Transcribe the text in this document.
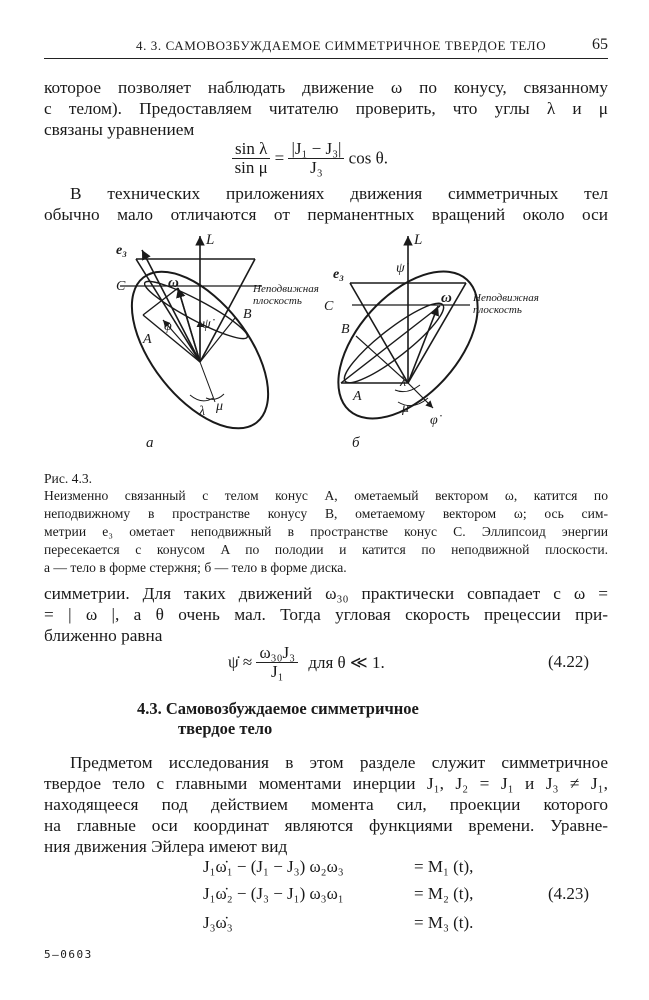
4. 3. САМОВОЗБУЖДАЕМОЕ СИММЕТРИЧНОЕ ТВЕРДОЕ ТЕЛО	65
которое позволяет наблюдать движение ω по конусу, связанному
с телом). Предоставляем читателю проверить, что углы λ и μ
связаны уравнением
$\frac{\text{sin λ}}{\text{sin μ}} = \frac{\text{|J₁ − J₃|}}{\text{J₃}}$ cos θ.
В технических приложениях движения симметричных тел
обычно мало отличаются от перманентных вращений около оси
L
e₃
C	ω	Неподвижная
плоскость
φ̇ ψ̇
A
B
λ μ
а
L
ψ̇
e₃
ω Неподвижная
плоскость
C
B
A
λ
μ
φ̇
б
Рис. 4.3.
Неизменно связанный с телом конус A, ометаемый вектором ω, катится по
неподвижному в пространстве конусу B, ометаемому вектором ω; ось сим-
метрии e₃ ометает неподвижный в пространстве конус C. Эллипсоид энергии
пересекается с конусом A по полодии и катится по неподвижной плоскости.
а — тело в форме стержня; б — тело в форме диска.
симметрии. Для таких движений ω₃₀ практически совпадает с ω =
= | ω |, а θ очень мал. Тогда угловая скорость прецессии при-
ближенно равна
ψ̇ ≈ $\frac{\text{ω₃₀J₃}}{\text{J₁}}$ для θ ≪ 1.	(4.22)
4.3. Самовозбуждаемое симметричное
твердое тело
Предметом исследования в этом разделе служит симметричное
твердое тело с главными моментами инерции J₁, J₂ = J₁ и J₃ ≠ J₁,
находящееся под действием момента сил, проекции которого
на главные оси координат являются функциями времени. Уравне-
ния движения Эйлера имеют вид
J₁ω̇₁ − (J₁ − J₃) ω₂ω₃	= M₁ (t),
J₁ω̇₂ − (J₃ − J₁) ω₃ω₁	= M₂ (t),	(4.23)
J₃ω̇₃	= M₃ (t).
5—0603
